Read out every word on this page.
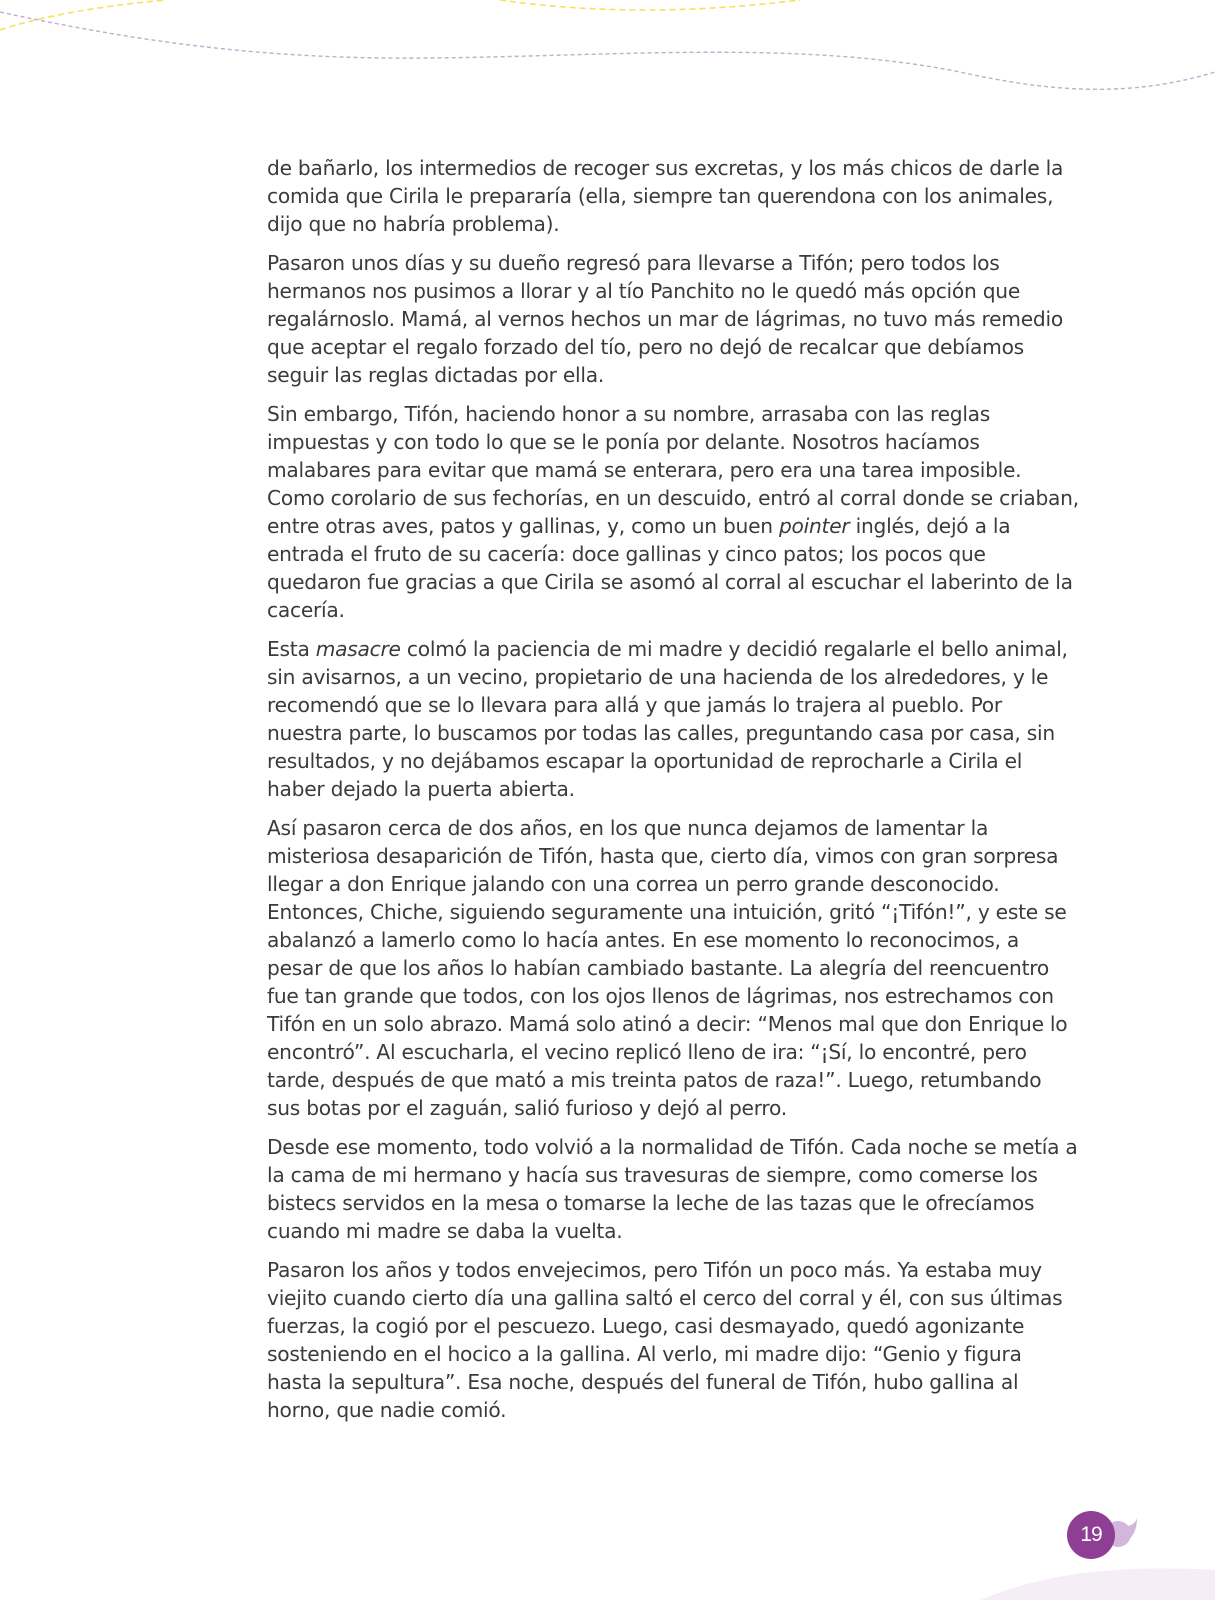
de bañarlo, los intermedios de recoger sus excretas, y los más chicos de darle la comida que Cirila le prepararía (ella, siempre tan querendona con los animales, dijo que no habría problema).

Pasaron unos días y su dueño regresó para llevarse a Tifón; pero todos los hermanos nos pusimos a llorar y al tío Panchito no le quedó más opción que regalárnoslo. Mamá, al vernos hechos un mar de lágrimas, no tuvo más remedio que aceptar el regalo forzado del tío, pero no dejó de recalcar que debíamos seguir las reglas dictadas por ella.

Sin embargo, Tifón, haciendo honor a su nombre, arrasaba con las reglas impuestas y con todo lo que se le ponía por delante. Nosotros hacíamos malabares para evitar que mamá se enterara, pero era una tarea imposible. Como corolario de sus fechorías, en un descuido, entró al corral donde se criaban, entre otras aves, patos y gallinas, y, como un buen pointer inglés, dejó a la entrada el fruto de su cacería: doce gallinas y cinco patos; los pocos que quedaron fue gracias a que Cirila se asomó al corral al escuchar el laberinto de la cacería.

Esta masacre colmó la paciencia de mi madre y decidió regalarle el bello animal, sin avisarnos, a un vecino, propietario de una hacienda de los alrededores, y le recomendó que se lo llevara para allá y que jamás lo trajera al pueblo. Por nuestra parte, lo buscamos por todas las calles, preguntando casa por casa, sin resultados, y no dejábamos escapar la oportunidad de reprocharle a Cirila el haber dejado la puerta abierta.

Así pasaron cerca de dos años, en los que nunca dejamos de lamentar la misteriosa desaparición de Tifón, hasta que, cierto día, vimos con gran sorpresa llegar a don Enrique jalando con una correa un perro grande desconocido. Entonces, Chiche, siguiendo seguramente una intuición, gritó “¡Tifón!”, y este se abalanzó a lamerlo como lo hacía antes. En ese momento lo reconocimos, a pesar de que los años lo habían cambiado bastante. La alegría del reencuentro fue tan grande que todos, con los ojos llenos de lágrimas, nos estrechamos con Tifón en un solo abrazo. Mamá solo atinó a decir: “Menos mal que don Enrique lo encontró”. Al escucharla, el vecino replicó lleno de ira: “¡Sí, lo encontré, pero tarde, después de que mató a mis treinta patos de raza!”. Luego, retumbando sus botas por el zaguán, salió furioso y dejó al perro.

Desde ese momento, todo volvió a la normalidad de Tifón. Cada noche se metía a la cama de mi hermano y hacía sus travesuras de siempre, como comerse los bistecs servidos en la mesa o tomarse la leche de las tazas que le ofrecíamos cuando mi madre se daba la vuelta.

Pasaron los años y todos envejecimos, pero Tifón un poco más. Ya estaba muy viejito cuando cierto día una gallina saltó el cerco del corral y él, con sus últimas fuerzas, la cogió por el pescuezo. Luego, casi desmayado, quedó agonizante sosteniendo en el hocico a la gallina. Al verlo, mi madre dijo: “Genio y figura hasta la sepultura”. Esa noche, después del funeral de Tifón, hubo gallina al horno, que nadie comió.

19
